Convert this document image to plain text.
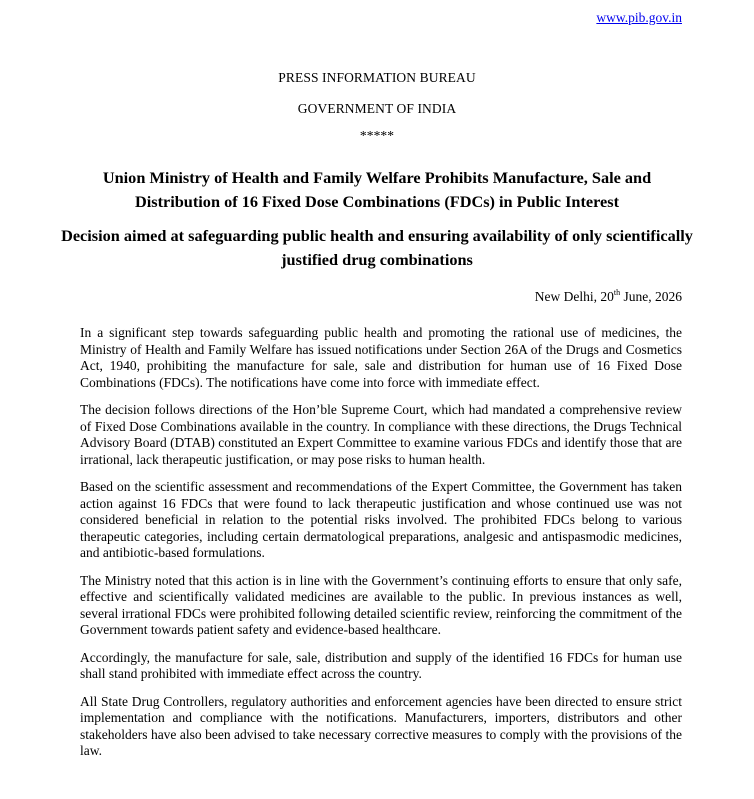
www.pib.gov.in
PRESS INFORMATION BUREAU
GOVERNMENT OF INDIA
*****
Union Ministry of Health and Family Welfare Prohibits Manufacture, Sale and Distribution of 16 Fixed Dose Combinations (FDCs) in Public Interest
Decision aimed at safeguarding public health and ensuring availability of only scientifically justified drug combinations
New Delhi, 20th June, 2026

In a significant step towards safeguarding public health and promoting the rational use of medicines, the Ministry of Health and Family Welfare has issued notifications under Section 26A of the Drugs and Cosmetics Act, 1940, prohibiting the manufacture for sale, sale and distribution for human use of 16 Fixed Dose Combinations (FDCs). The notifications have come into force with immediate effect.

The decision follows directions of the Hon’ble Supreme Court, which had mandated a comprehensive review of Fixed Dose Combinations available in the country. In compliance with these directions, the Drugs Technical Advisory Board (DTAB) constituted an Expert Committee to examine various FDCs and identify those that are irrational, lack therapeutic justification, or may pose risks to human health.

Based on the scientific assessment and recommendations of the Expert Committee, the Government has taken action against 16 FDCs that were found to lack therapeutic justification and whose continued use was not considered beneficial in relation to the potential risks involved. The prohibited FDCs belong to various therapeutic categories, including certain dermatological preparations, analgesic and antispasmodic medicines, and antibiotic-based formulations.

The Ministry noted that this action is in line with the Government’s continuing efforts to ensure that only safe, effective and scientifically validated medicines are available to the public. In previous instances as well, several irrational FDCs were prohibited following detailed scientific review, reinforcing the commitment of the Government towards patient safety and evidence-based healthcare.

Accordingly, the manufacture for sale, sale, distribution and supply of the identified 16 FDCs for human use shall stand prohibited with immediate effect across the country.

All State Drug Controllers, regulatory authorities and enforcement agencies have been directed to ensure strict implementation and compliance with the notifications. Manufacturers, importers, distributors and other stakeholders have also been advised to take necessary corrective measures to comply with the provisions of the law.
